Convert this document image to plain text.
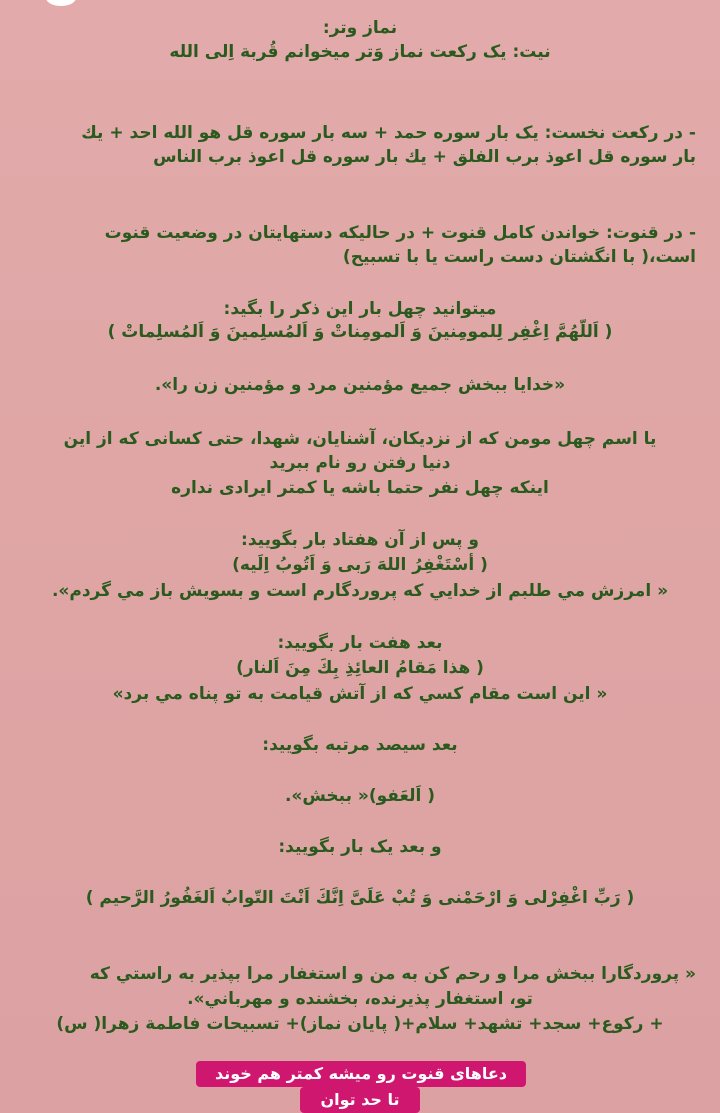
نماز وتر:
نیت: یک رکعت نماز وَتر میخوانم قُربة اِلی الله
- در رکعت نخست: یک بار سوره حمد + سه بار سوره قل هو الله احد + یك
بار سوره قل اعوذ برب الفلق + یك بار سوره قل اعوذ برب الناس
- در قنوت: خواندن کامل قنوت + در حالیکه دستهایتان در وضعیت قنوت
است،( با انگشتان دست راست یا با تسبیح)
میتوانید چهل بار این ذکر را بگید:
( اَللّهُمَّ اِغْفِر لِلمومِنينَ وَ اَلمومِناتْ وَ اَلمُسلِمينَ وَ اَلمُسلِماتْ )
«خدايا ببخش جميع مؤمنين مرد و مؤمنين زن را».
یا اسم چهل مومن که از نزدیکان، آشنایان، شهدا، حتی کسانی که از این
دنیا رفتن رو نام ببرید
اینکه چهل نفر حتما باشه یا کمتر ایرادی نداره
و پس از آن هفتاد بار بگوييد:
( أسْتَغْفِرُ اللهَ رَبی وَ اَتُوبُ اِلَيه)
« امرزش مي طلبم از خدايي كه پروردگارم است و بسويش باز مي گردم».
بعد هفت بار بگوييد:
( هذا مَقامُ العائِذِ بِكَ مِنَ اَلنار)
« اين است مقام كسي كه از آتش قيامت به تو پناه مي برد»
بعد سیصد مرتبه بگویید:
( اَلعَفو)« ببخش».
و بعد یک بار بگوييد:
( رَبِّ اغْفِرْلی وَ ارْحَمْنی وَ تُبْ عَلَیَّ اِنَّكَ اَنْتَ التّوابُ اَلغَفُورُ الرَّحیم )
« پروردگارا ببخش مرا و رحم كن به من و استغفار مرا بپذير به راستي كه
تو، استغفار پذيرنده، بخشنده و مهرباني».
+ ركوع+ سجد+ تشهد+ سلام+( پايان نماز)+ تسبيحات فاطمة زهرا( س)
دعاهای قنوت رو میشه کمتر هم خوند
تا حد توان
